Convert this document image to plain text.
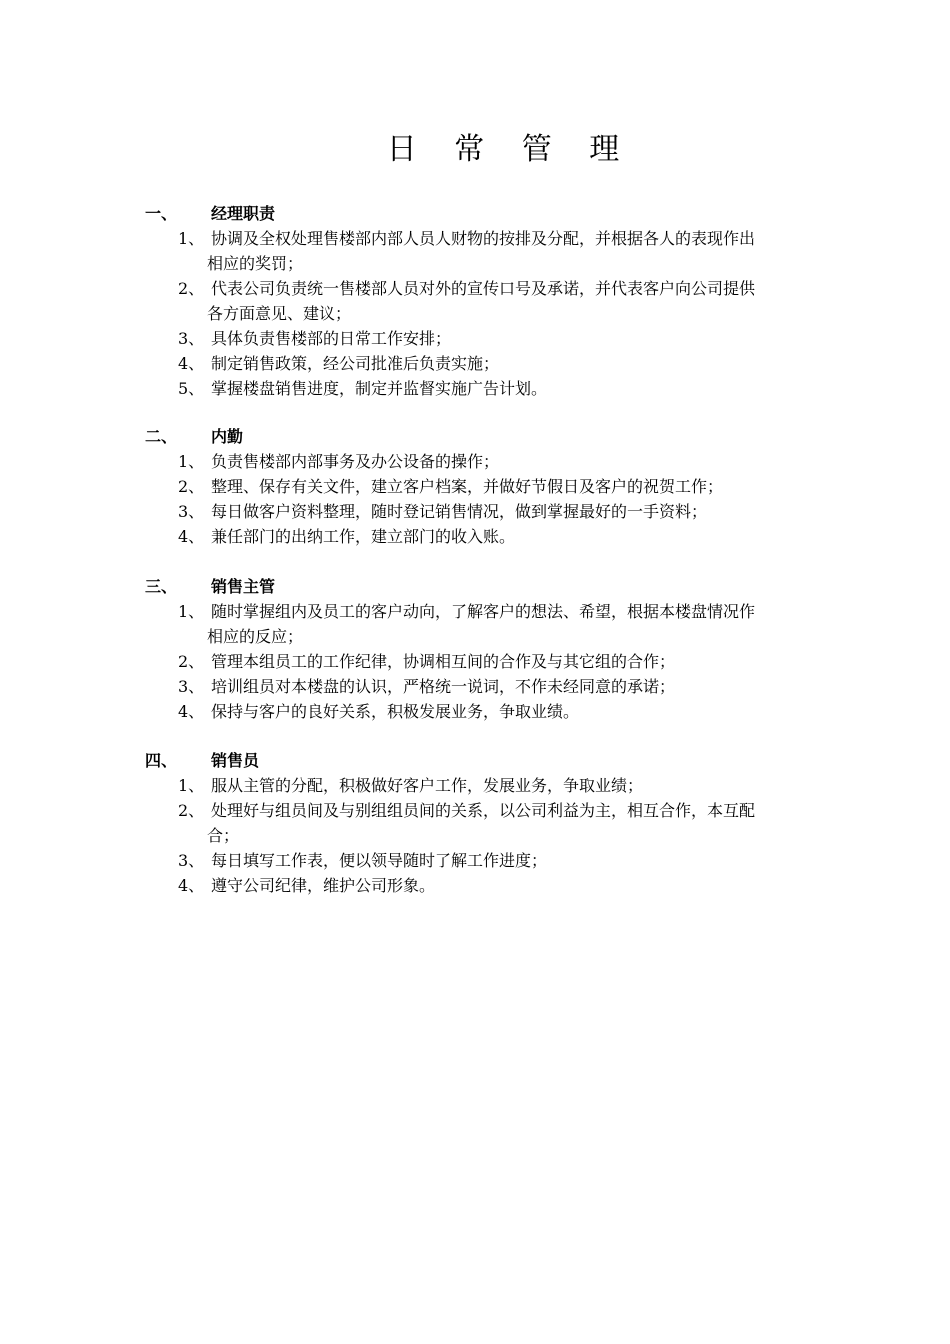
日 常 管 理
一、 经理职责
1、 协调及全权处理售楼部内部人员人财物的按排及分配，并根据各人的表现作出
相应的奖罚；
2、 代表公司负责统一售楼部人员对外的宣传口号及承诺，并代表客户向公司提供
各方面意见、建议；
3、 具体负责售楼部的日常工作安排；
4、 制定销售政策，经公司批准后负责实施；
5、 掌握楼盘销售进度，制定并监督实施广告计划。
二、 内勤
1、 负责售楼部内部事务及办公设备的操作；
2、 整理、保存有关文件，建立客户档案，并做好节假日及客户的祝贺工作；
3、 每日做客户资料整理，随时登记销售情况，做到掌握最好的一手资料；
4、 兼任部门的出纳工作，建立部门的收入账。
三、 销售主管
1、 随时掌握组内及员工的客户动向，了解客户的想法、希望，根据本楼盘情况作
相应的反应；
2、 管理本组员工的工作纪律，协调相互间的合作及与其它组的合作；
3、 培训组员对本楼盘的认识，严格统一说词，不作未经同意的承诺；
4、 保持与客户的良好关系，积极发展业务，争取业绩。
四、 销售员
1、 服从主管的分配，积极做好客户工作，发展业务，争取业绩；
2、 处理好与组员间及与别组组员间的关系，以公司利益为主，相互合作，本互配
合；
3、 每日填写工作表，便以领导随时了解工作进度；
4、 遵守公司纪律，维护公司形象。
